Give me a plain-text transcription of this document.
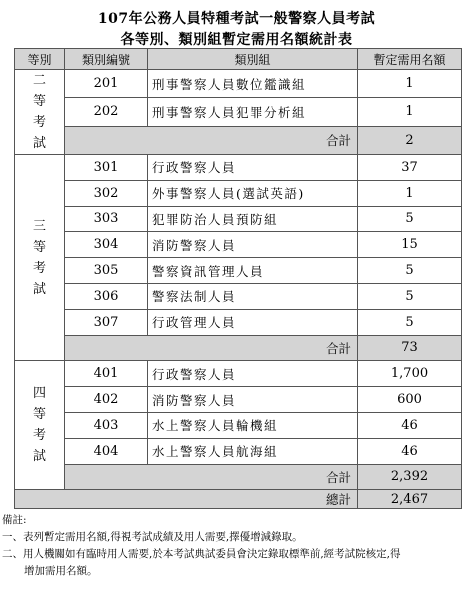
107年公務人員特種考試一般警察人員考試
各等別、類別組暫定需用名額統計表
等別	類別編號	類別組	暫定需用名額
二
等
考
試	201	刑事警察人員數位鑑識組	1
	202	刑事警察人員犯罪分析組	1
	合計		2
三
等
考
試	301	行政警察人員	37
	302	外事警察人員(選試英語)	1
	303	犯罪防治人員預防組	5
	304	消防警察人員	15
	305	警察資訊管理人員	5
	306	警察法制人員	5
	307	行政管理人員	5
	合計		73
四
等
考
試	401	行政警察人員	1,700
	402	消防警察人員	600
	403	水上警察人員輪機組	46
	404	水上警察人員航海組	46
	合計		2,392
總計			2,467
備註:
一、表列暫定需用名額,得視考試成績及用人需要,擇優增減錄取。
二、用人機關如有臨時用人需要,於本考試典試委員會決定錄取標準前,經考試院核定,得
增加需用名額。
